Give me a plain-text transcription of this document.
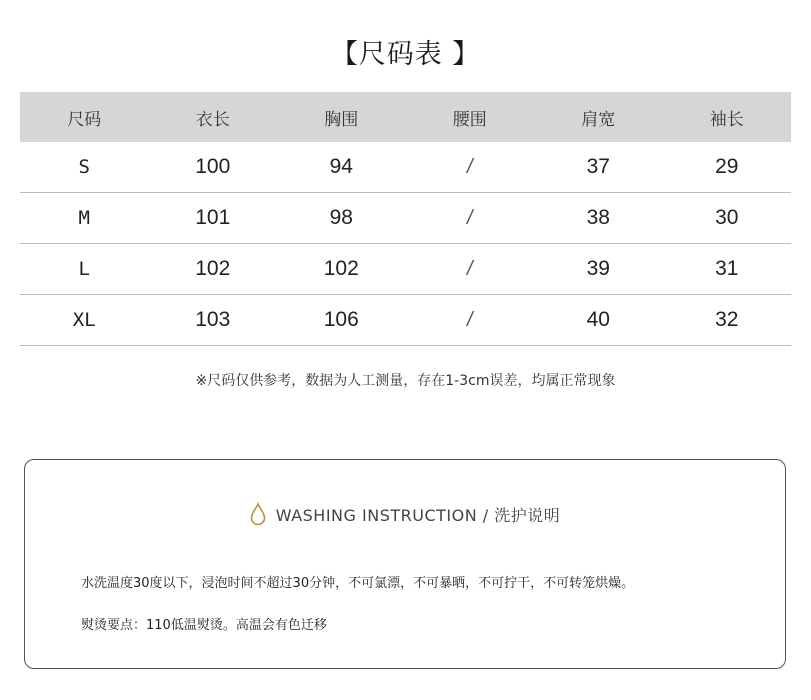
【尺码表 】
尺码	衣长	胸围	腰围	肩宽	袖长
S	100	94	/	37	29
M	101	98	/	38	30
L	102	102	/	39	31
XL	103	106	/	40	32
※尺码仅供参考，数据为人工测量，存在1-3cm误差，均属正常现象
WASHING INSTRUCTION / 洗护说明
水洗温度30度以下，浸泡时间不超过30分钟，不可氯漂，不可暴晒，不可拧干，不可转笼烘燥。
熨烫要点：110低温熨烫。高温会有色迁移
